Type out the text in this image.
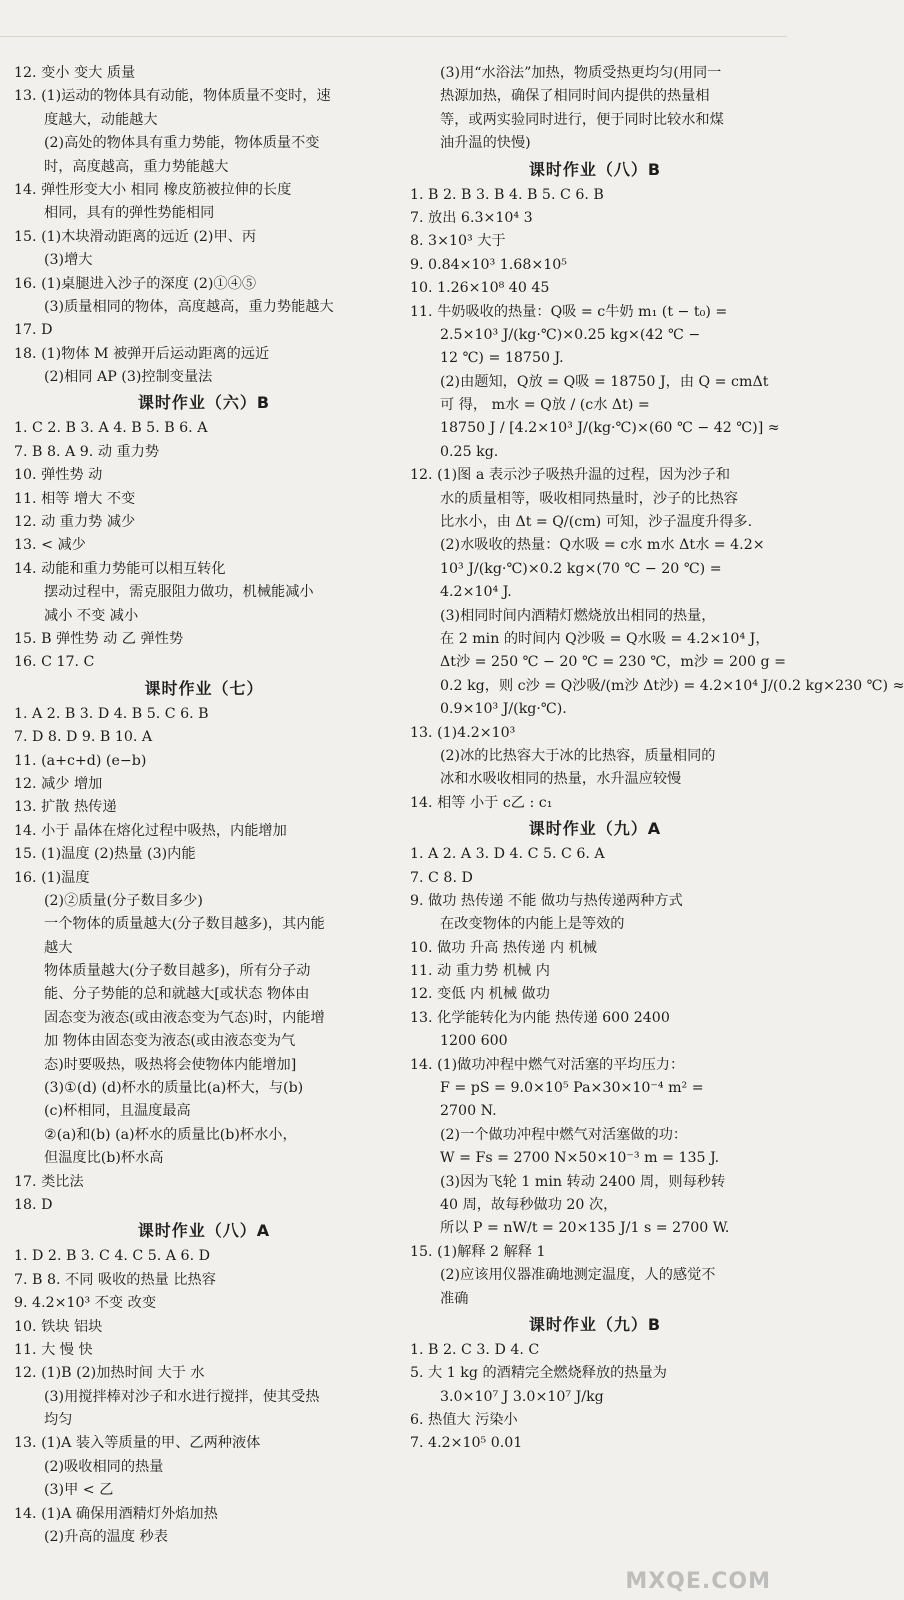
12. 变小 变大 质量
13. (1)运动的物体具有动能，物体质量不变时，速
度越大，动能越大
(2)高处的物体具有重力势能，物体质量不变
时，高度越高，重力势能越大
14. 弹性形变大小 相同 橡皮筋被拉伸的长度
相同，具有的弹性势能相同
15. (1)木块滑动距离的远近 (2)甲、丙
(3)增大
16. (1)桌腿进入沙子的深度 (2)①④⑤
(3)质量相同的物体，高度越高，重力势能越大
17. D
18. (1)物体 M 被弹开后运动距离的远近
(2)相同 AP (3)控制变量法
课时作业（六）B
1. C 2. B 3. A 4. B 5. B 6. A
7. B 8. A 9. 动 重力势
10. 弹性势 动
11. 相等 增大 不变
12. 动 重力势 减少
13. < 减少
14. 动能和重力势能可以相互转化
摆动过程中，需克服阻力做功，机械能减小
减小 不变 减小
15. B 弹性势 动 乙 弹性势
16. C 17. C
课时作业（七）
1. A 2. B 3. D 4. B 5. C 6. B
7. D 8. D 9. B 10. A
11. (a+c+d) (e−b)
12. 减少 增加
13. 扩散 热传递
14. 小于 晶体在熔化过程中吸热，内能增加
15. (1)温度 (2)热量 (3)内能
16. (1)温度
(2)②质量(分子数目多少)
一个物体的质量越大(分子数目越多)，其内能
越大
物体质量越大(分子数目越多)，所有分子动
能、分子势能的总和就越大[或状态 物体由
固态变为液态(或由液态变为气态)时，内能增
加 物体由固态变为液态(或由液态变为气
态)时要吸热，吸热将会使物体内能增加]
(3)①(d) (d)杯水的质量比(a)杯大，与(b)
(c)杯相同，且温度最高
②(a)和(b) (a)杯水的质量比(b)杯水小，
但温度比(b)杯水高
17. 类比法
18. D
课时作业（八）A
1. D 2. B 3. C 4. C 5. A 6. D
7. B 8. 不同 吸收的热量 比热容
9. 4.2×10³ 不变 改变
10. 铁块 铝块
11. 大 慢 快
12. (1)B (2)加热时间 大于 水
(3)用搅拌棒对沙子和水进行搅拌，使其受热
均匀
13. (1)A 装入等质量的甲、乙两种液体
(2)吸收相同的热量
(3)甲 < 乙
14. (1)A 确保用酒精灯外焰加热
(2)升高的温度 秒表
(3)用“水浴法”加热，物质受热更均匀(用同一
热源加热，确保了相同时间内提供的热量相
等，或两实验同时进行，便于同时比较水和煤
油升温的快慢)
课时作业（八）B
1. B 2. B 3. B 4. B 5. C 6. B
7. 放出 6.3×10⁴ 3
8. 3×10³ 大于
9. 0.84×10³ 1.68×10⁵
10. 1.26×10⁸ 40 45
11. 牛奶吸收的热量：Q吸 = c牛奶 m₁ (t − t₀) =
2.5×10³ J/(kg·℃)×0.25 kg×(42 ℃ −
12 ℃) = 18750 J.
(2)由题知，Q放 = Q吸 = 18750 J，由 Q = cmΔt
可 得， m水 = Q放 / (c水 Δt) =
18750 J / [4.2×10³ J/(kg·℃)×(60 ℃ − 42 ℃)] ≈
0.25 kg.
12. (1)图 a 表示沙子吸热升温的过程，因为沙子和
水的质量相等，吸收相同热量时，沙子的比热容
比水小，由 Δt = Q/(cm) 可知，沙子温度升得多.
(2)水吸收的热量：Q水吸 = c水 m水 Δt水 = 4.2×
10³ J/(kg·℃)×0.2 kg×(70 ℃ − 20 ℃) =
4.2×10⁴ J.
(3)相同时间内酒精灯燃烧放出相同的热量，
在 2 min 的时间内 Q沙吸 = Q水吸 = 4.2×10⁴ J，
Δt沙 = 250 ℃ − 20 ℃ = 230 ℃，m沙 = 200 g =
0.2 kg，则 c沙 = Q沙吸/(m沙 Δt沙) = 4.2×10⁴ J/(0.2 kg×230 ℃) ≈
0.9×10³ J/(kg·℃).
13. (1)4.2×10³
(2)冰的比热容大于冰的比热容，质量相同的
冰和水吸收相同的热量，水升温应较慢
14. 相等 小于 c乙 : c₁
课时作业（九）A
1. A 2. A 3. D 4. C 5. C 6. A
7. C 8. D
9. 做功 热传递 不能 做功与热传递两种方式
在改变物体的内能上是等效的
10. 做功 升高 热传递 内 机械
11. 动 重力势 机械 内
12. 变低 内 机械 做功
13. 化学能转化为内能 热传递 600 2400
1200 600
14. (1)做功冲程中燃气对活塞的平均压力：
F = pS = 9.0×10⁵ Pa×30×10⁻⁴ m² =
2700 N.
(2)一个做功冲程中燃气对活塞做的功：
W = Fs = 2700 N×50×10⁻³ m = 135 J.
(3)因为飞轮 1 min 转动 2400 周，则每秒转
40 周，故每秒做功 20 次，
所以 P = nW/t = 20×135 J/1 s = 2700 W.
15. (1)解释 2 解释 1
(2)应该用仪器准确地测定温度，人的感觉不
准确
课时作业（九）B
1. B 2. C 3. D 4. C
5. 大 1 kg 的酒精完全燃烧释放的热量为
3.0×10⁷ J 3.0×10⁷ J/kg
6. 热值大 污染小
7. 4.2×10⁵ 0.01
MXQE.COM
